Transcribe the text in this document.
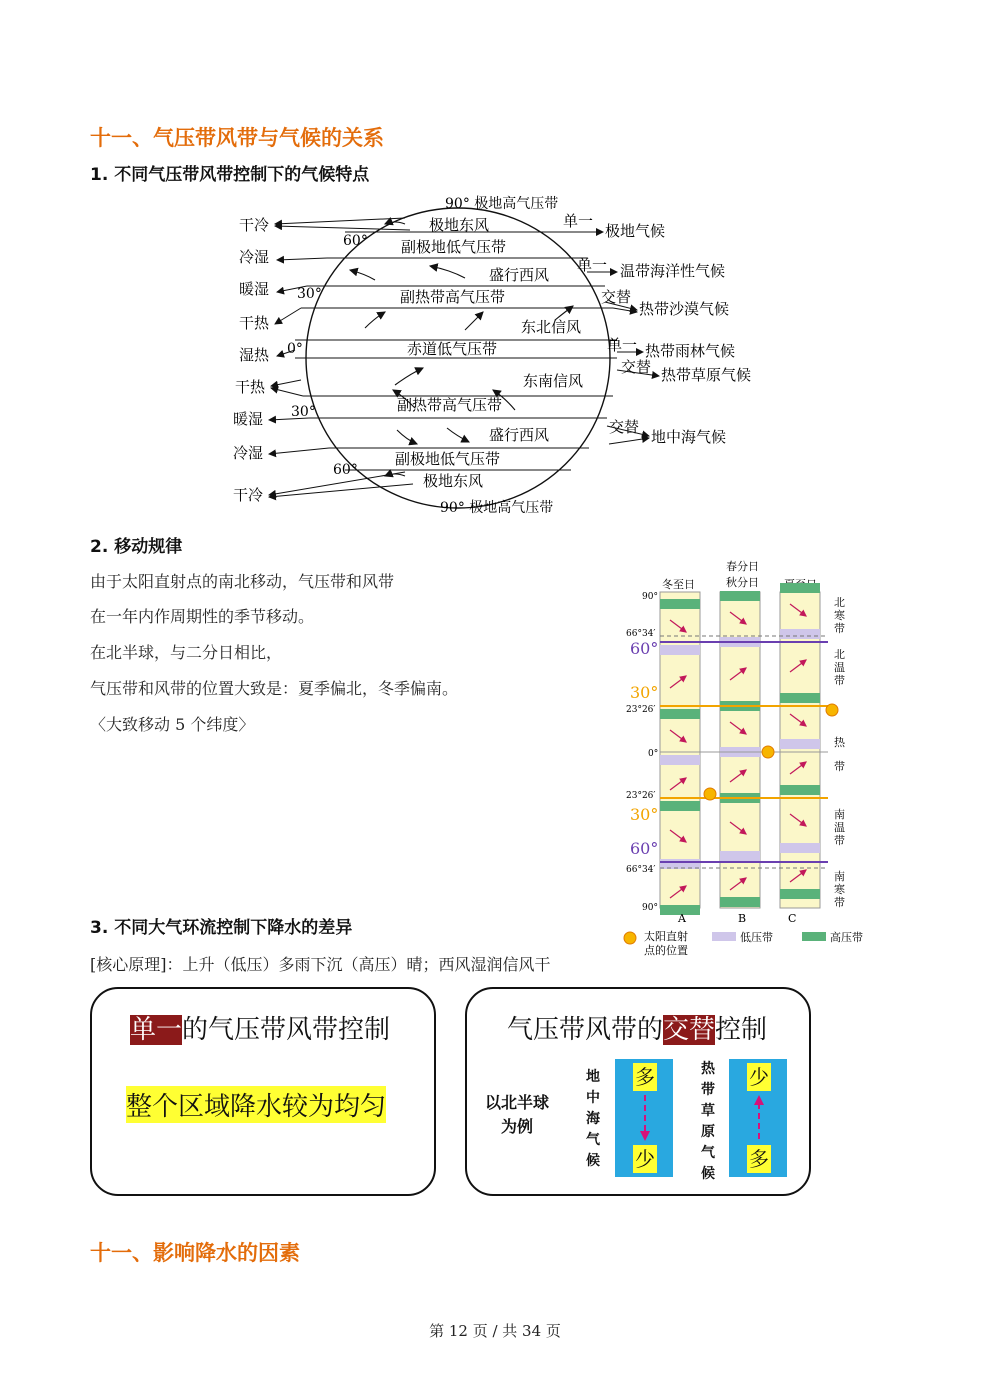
十一、气压带风带与气候的关系
1. 不同气压带风带控制下的气候特点
90° 极地高气压带
60°
30°
0°
30°
60°
90° 极地高气压带
极地东风
副极地低气压带
盛行西风
副热带高气压带
东北信风
赤道低气压带
东南信风
副热带高气压带
盛行西风
副极地低气压带
极地东风
干冷
冷湿
暖湿
干热
湿热
干热
暖湿
冷湿
干冷
单一
极地气候
单一 温带海洋性气候
交替
热带沙漠气候
单一 热带雨林气候
交替 热带草原气候
交替
地中海气候
2. 移动规律

由于太阳直射点的南北移动，气压带和风带

在一年内作周期性的季节移动。

在北半球，与二分日相比，

气压带和风带的位置大致是：夏季偏北，冬季偏南。

〈大致移动 5 个纬度〉

冬至日
春分日
秋分日
90°
66°34′
60°
30°
23°26′
0°
23°26′
30°
60°
66°34′
90°
北寒带
北温带
热带
南温带
南寒带
A	B	C
太阳直射
点的位置
低压带	高压带
3. 不同大气环流控制下降水的差异

[核心原理]：上升（低压）多雨下沉（高压）晴；西风湿润信风干

单一的气压带风带控制
整个区域降水较为均匀
气压带风带的交替控制
以北半球
为例
地
中
海
气
候
多
少
热
带
草
原
气
候
少
多
十一、影响降水的因素
第 12 页 / 共 34 页
